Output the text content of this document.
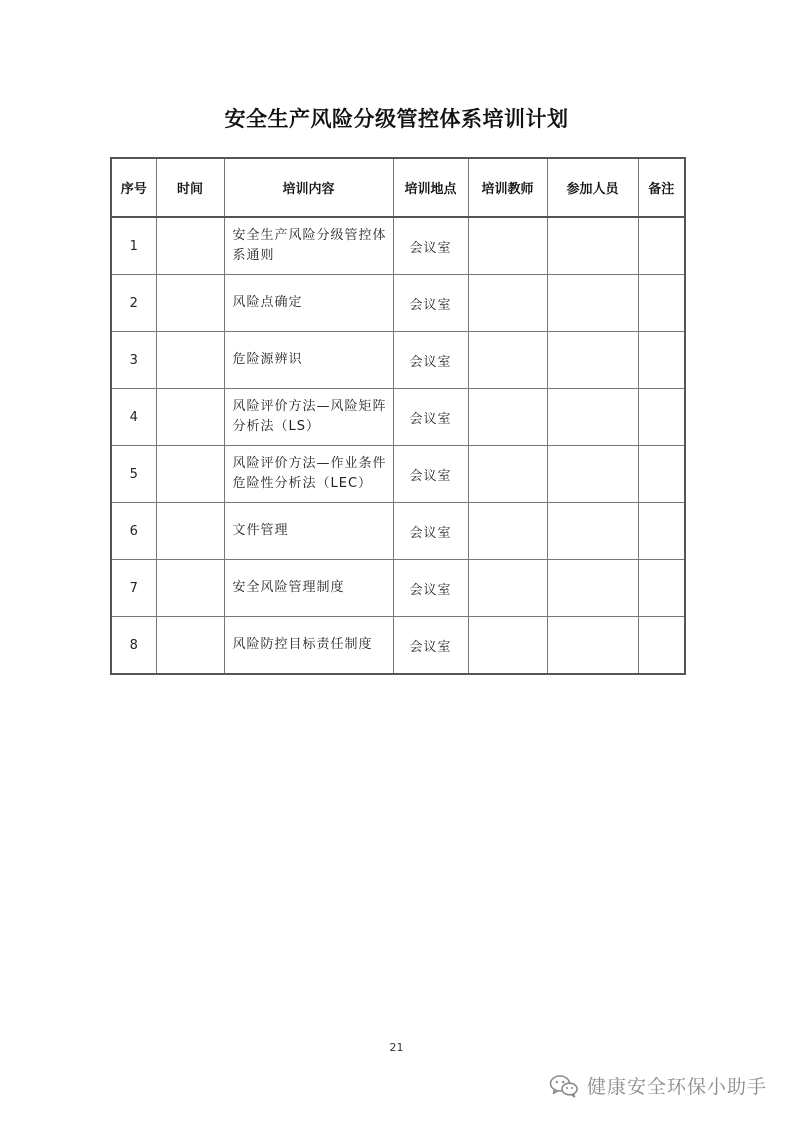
安全生产风险分级管控体系培训计划
序号	时间	培训内容	培训地点	培训教师	参加人员	备注
1		安全生产风险分级管控体系通则	会议室			
2		风险点确定	会议室			
3		危险源辨识	会议室			
4		风险评价方法—风险矩阵分析法（LS）	会议室			
5		风险评价方法—作业条件危险性分析法（LEC）	会议室			
6		文件管理	会议室			
7		安全风险管理制度	会议室			
8		风险防控目标责任制度	会议室			
21
健康安全环保小助手
